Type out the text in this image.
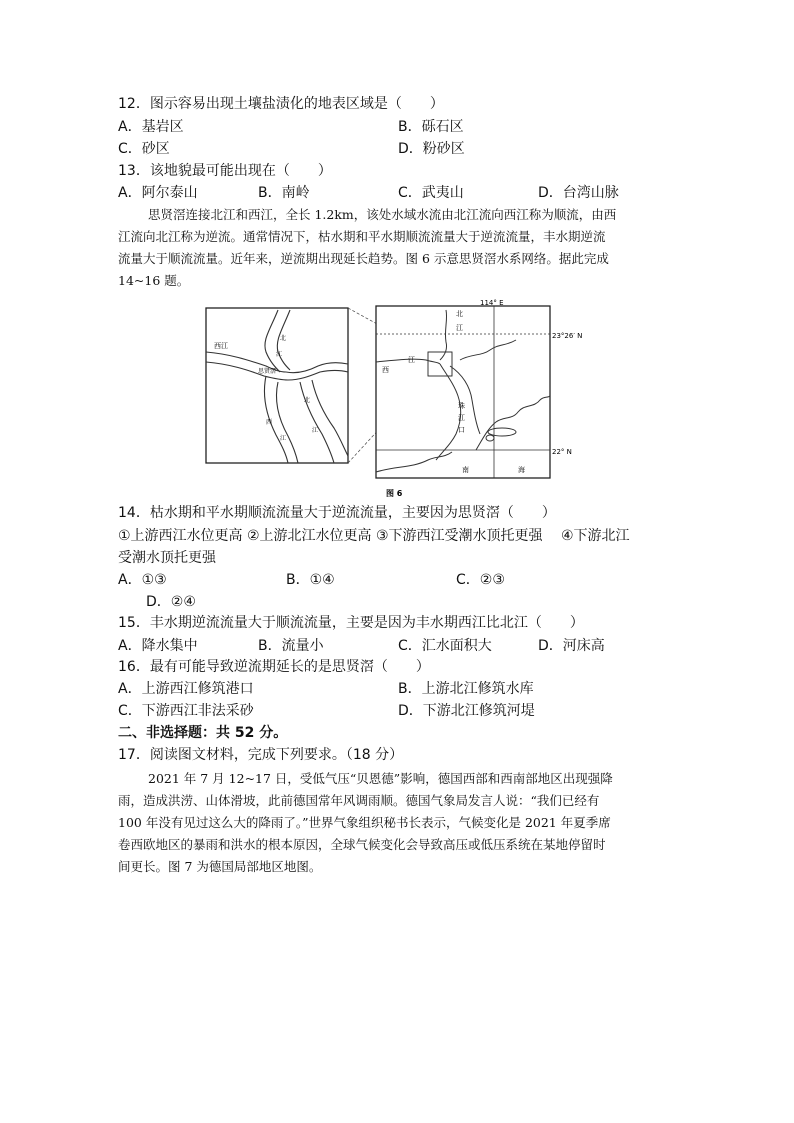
12．图示容易出现土壤盐渍化的地表区域是（　　）
A．基岩区	B．砾石区
C．砂区	D．粉砂区
13．该地貌最可能出现在（　　）
A．阿尔泰山	B．南岭	C．武夷山	D．台湾山脉
思贤滘连接北江和西江，全长 1.2km，该处水域水流由北江流向西江称为顺流，由西
江流向北江称为逆流。通常情况下，枯水期和平水期顺流流量大于逆流流量，丰水期逆流
流量大于顺流流量。近年来，逆流期出现延长趋势。图 6 示意思贤滘水系网络。据此完成
14~16 题。
西江
思贤滘
北
江
西
江
江
北
114° E
23°26′ N
22° N
北
江
西
江
珠
江
口
南	海
图 6
14．枯水期和平水期顺流流量大于逆流流量，主要因为思贤滘（　　）
①上游西江水位更高 ②上游北江水位更高 ③下游西江受潮水顶托更强　 ④下游北江
受潮水顶托更强
A．①③	B．①④	C．②③
D．②④
15．丰水期逆流流量大于顺流流量，主要是因为丰水期西江比北江（　　）
A．降水集中	B．流量小	C．汇水面积大	D．河床高
16．最有可能导致逆流期延长的是思贤滘（　　）
A．上游西江修筑港口	B．上游北江修筑水库
C．下游西江非法采砂	D．下游北江修筑河堤
二、非选择题：共 52 分。
17．阅读图文材料，完成下列要求。（18 分）
2021 年 7 月 12~17 日，受低气压“贝恩德”影响，德国西部和西南部地区出现强降
雨，造成洪涝、山体滑坡，此前德国常年风调雨顺。德国气象局发言人说：“我们已经有
100 年没有见过这么大的降雨了。”世界气象组织秘书长表示，气候变化是 2021 年夏季席
卷西欧地区的暴雨和洪水的根本原因，全球气候变化会导致高压或低压系统在某地停留时
间更长。图 7 为德国局部地区地图。
